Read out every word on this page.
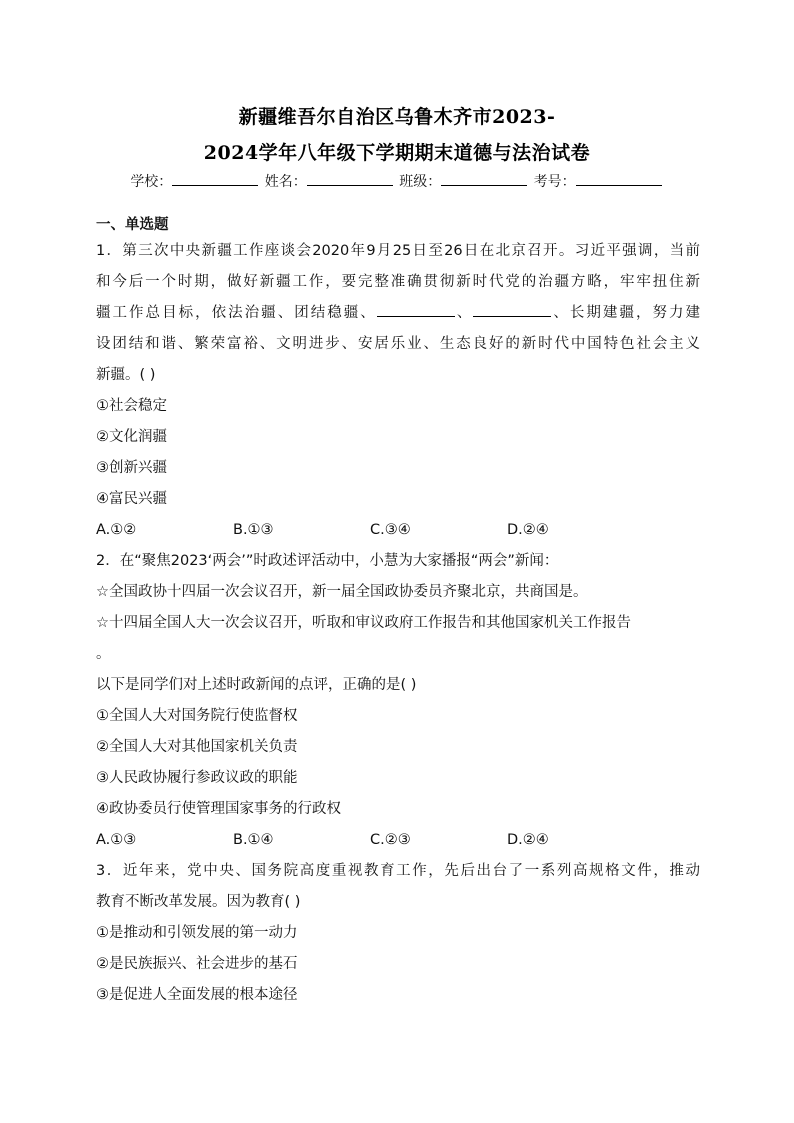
新疆维吾尔自治区乌鲁木齐市2023-
2024学年八年级下学期期末道德与法治试卷
学校：	姓名：	班级：	考号：
一、单选题
1．第三次中央新疆工作座谈会2020年9月25日至26日在北京召开。习近平强调，当前
和今后一个时期，做好新疆工作，要完整准确贯彻新时代党的治疆方略，牢牢扭住新
疆工作总目标，依法治疆、团结稳疆、	、	、长期建疆，努力建
设团结和谐、繁荣富裕、文明进步、安居乐业、生态良好的新时代中国特色社会主义
新疆。( )
①社会稳定
②文化润疆
③创新兴疆
④富民兴疆
A.①②	B.①③	C.③④	D.②④
2．在“聚焦2023‘两会’”时政述评活动中，小慧为大家播报“两会”新闻：
☆全国政协十四届一次会议召开，新一届全国政协委员齐聚北京，共商国是。
☆十四届全国人大一次会议召开，听取和审议政府工作报告和其他国家机关工作报告
。
以下是同学们对上述时政新闻的点评，正确的是( )
①全国人大对国务院行使监督权
②全国人大对其他国家机关负责
③人民政协履行参政议政的职能
④政协委员行使管理国家事务的行政权
A.①③	B.①④	C.②③	D.②④
3．近年来，党中央、国务院高度重视教育工作，先后出台了一系列高规格文件，推动
教育不断改革发展。因为教育( )
①是推动和引领发展的第一动力
②是民族振兴、社会进步的基石
③是促进人全面发展的根本途径
